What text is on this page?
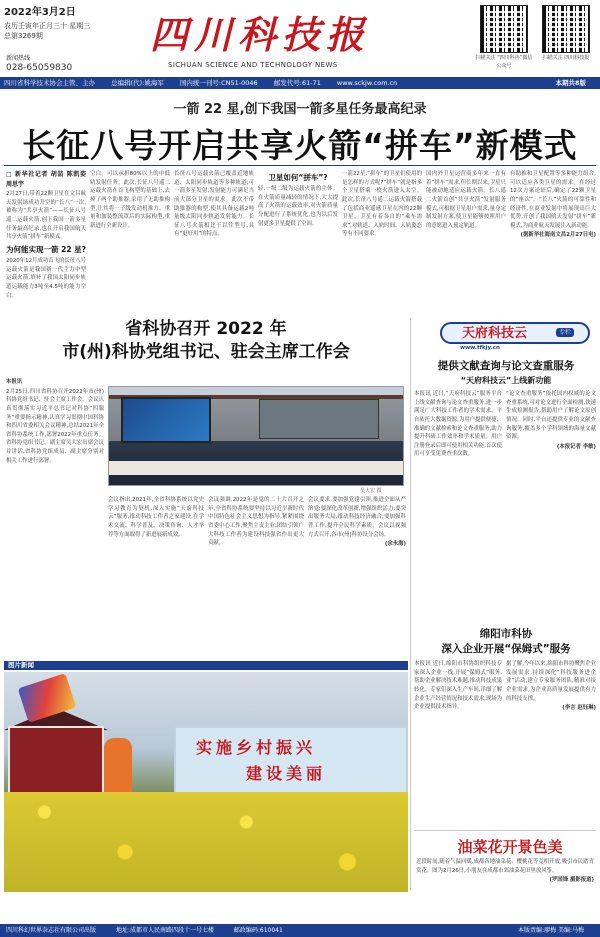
2022年3月2日
农历壬寅年正月三十 星期三
总第3269期
新闻热线
028-65059830
四川科技报
SICHUAN SCIENCE AND TECHNOLOGY NEWS
扫描关注 “四川科协”微信公众号
扫描关注 四川科技报
四川省科学技术协会主管、主办 总编辑(代):姚海军 国内统一刊号:CN51-0046 邮发代号:61-71 www.sckjw.com.cn	本期共8版
一箭 22 星,创下我国一箭多星任务最高纪录
长征八号开启共享火箭“拼车”新模式

□ 新华社记者 胡喆 陈凯姿 周思宇

2月27日,带着22颗卫星在文昌航天发射场成功升空的“长八”一次,被称为“共享火箭”——长征八号遥二运载火箭,创下我国一箭多星任务最高纪录,也在开启我国航天共享火箭“拼车”新模式。

为何能实现一箭 22 星?

2020年12月成功首飞的长征八号运载火箭是我国新一代主力中型运载火箭,填补了我国太阳同步轨道运载能力3吨至4.5吨的能力空白。

空白。可以承担80%以上的中低轨发射任务。此次,长征八号遥二运载火箭在首飞构型的基础上,去掉了两个助推器,采用了无助推构型,让其将一子级发动机推力、重量和加装整流罩后的实际构型,重新进行全新设计。

长征八号运载火箭已覆盖近地轨道、太阳同步轨道等多种轨道,可一箭多星发射,发射能力可满足当前大部分卫星的需求。此次不带助推器的构型,使其具备运载2吨量级太阳同步轨道发射能力。长征八号火箭相比于以往型号,具有“更好用”的特点。

卫星如何“拼车”?

轻,一级二级为运载火箭的主体。在火箭质量减轻的情况下,大大提高了火箭的运载效率,对火箭质量分配进行了系统优化,也为以后发射更多卫星提供了空间。

一箭22星,“拼车”的卫星们使用的是怎样的方式呢?“拼车”就是指多个卫星搭乘一枚火箭进入太空。此次,长征八号遥二运载火箭搭载了包括商业遥感卫星在内的22颗卫星。卫星有着各自的“乘车需求”,对轨道、入轨时间、入轨姿态等有不同要求。

国内外卫星运营商多年来一直有着“拼车”需求,但长期以来,卫星只能被动地适应运载火箭。长八遥二火箭首创“共享火箭”发射服务模式,可根据卫星用户需求,量身定制发射方案,使卫星能够按照用户的意愿进入预定轨道。

有助推和卫星配置等多种能力组合,可以适应各类卫星的需求。在经过12次方案论证后,确定了22颗卫星的“座次”。“长八”火箭的可靠性和经济性,在商业发射中将展现出巨大优势,开创了我国航天发射“拼车”新模式,为商业航天发展注入新动能。

(据新华社海南文昌2月27日电)

省科协召开 2022 年
市(州)科协党组书记、驻会主席工作会

本报讯

2月25日,四川省科协召开2022年市(州)科协党组书记、驻会主席工作会。会议认真贯彻落实习近平总书记对科协“四服务”重要指示精神,认真学习贯彻中国科协和四川省委相关会议精神,总结2021年全省科协系统工作,部署2022年重点任务。省科协党组书记、副主席吴大宏出席会议并讲话,省科协党组成员、副主席分别对相关工作进行部署。

吴大宏 摄

会议指出,2021年,全省科协系统以党史学习教育为契机,深入实施“天府科技云”服务,推动科技工作者之家建设,在学术交流、科学普及、决策咨询、人才举荐等方面取得了新进展新成效。

会议强调,2022年是党的二十大召开之年,全省科协系统要坚持以习近平新时代中国特色社会主义思想为指导,紧紧围绕省委中心工作,聚焦主责主业,团结引领广大科技工作者为建设科技强省作出更大贡献。

会议要求,要加强党建引领,推进全面从严治党;要深化改革创新,增强组织活力;要突出服务大局,推动科技经济融合;要加强科普工作,提升全民科学素质。会议以视频方式召开,各市(州)科协设分会场。

(余永海)

天府科技云	专栏
www.tfkjy.cn
提供文献查询与论文查重服务
“天府科技云”上线新功能

本报讯 近日,“天府科技云”服务平台上线文献查询与论文查重服务,进一步满足广大科技工作者的学术需求。平台依托大数据资源,为用户提供便捷、准确的文献检索和论文查重服务,助力提升科研工作效率和学术质量。用户注册登录后即可使用相关功能,首次使用可享受免费查重次数。

“论文查重服务”依托国内权威的论文查重系统,可对论文进行全面检测,快速生成检测报告,帮助用户了解论文原创情况。同时,平台还提供专业的文献查询服务,覆盖多个学科领域的海量文献资源。

(本报记者 李敏)

绵阳市科协
深入企业开展“保姆式”服务

本报讯 近日,绵阳市科协组织科技专家深入企业一线,开展“保姆式”服务,帮助企业解决技术难题,推动科技成果转化。专家们深入生产车间,详细了解企业生产经营情况和技术需求,现场为企业提供技术指导。

据了解,今年以来,绵阳市科协聚焦企业发展需求,持续深化“科技服务进企业”活动,建立专家服务团队,精准对接企业需求,为企业高质量发展提供有力的科技支撑。

(李言 赵钰琳)

图片新闻
实施乡村振兴
建设美丽
油菜花开景色美

近段时间,随着气温回暖,成都各地油菜花、樱桃花等竞相开放,吸引市民踏青赏花。图为2月26日,小朋友在成都市郊油菜花田里放风筝。

(罗国锋 摄影报道)

四川科幻世界杂志社有限公司出版	地址:成都市人民南路四段十一号七楼	邮政编码:610041	本版责编:廖梅 美编:马梅
